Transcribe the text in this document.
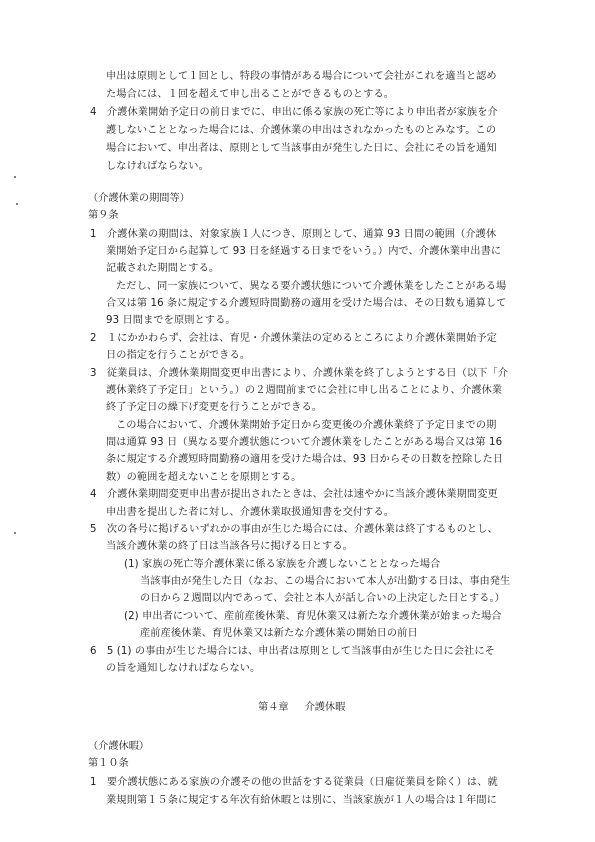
申出は原則として１回とし、特段の事情がある場合について会社がこれを適当と認め
た場合には、１回を超えて申し出ることができるものとする。
4　介護休業開始予定日の前日までに、申出に係る家族の死亡等により申出者が家族を介
護しないこととなった場合には、介護休業の申出はされなかったものとみなす。この
場合において、申出者は、原則として当該事由が発生した日に、会社にその旨を通知
しなければならない。
（介護休業の期間等）
第９条
1　介護休業の期間は、対象家族１人につき、原則として、通算 93 日間の範囲（介護休
業開始予定日から起算して 93 日を経過する日までをいう。）内で、介護休業申出書に
記載された期間とする。
ただし、同一家族について、異なる要介護状態について介護休業をしたことがある場
合又は第 16 条に規定する介護短時間勤務の適用を受けた場合は、その日数も通算して
93 日間までを原則とする。
2　１にかかわらず、会社は、育児・介護休業法の定めるところにより介護休業開始予定
日の指定を行うことができる。
3　従業員は、介護休業期間変更申出書により、介護休業を終了しようとする日（以下「介
護休業終了予定日」という。）の２週間前までに会社に申し出ることにより、介護休業
終了予定日の繰下げ変更を行うことができる。
この場合において、介護休業開始予定日から変更後の介護休業終了予定日までの期
間は通算 93 日（異なる要介護状態について介護休業をしたことがある場合又は第 16
条に規定する介護短時間勤務の適用を受けた場合は、93 日からその日数を控除した日
数）の範囲を超えないことを原則とする。
4　介護休業期間変更申出書が提出されたときは、会社は速やかに当該介護休業期間変更
申出書を提出した者に対し、介護休業取扱通知書を交付する。
5　次の各号に掲げるいずれかの事由が生じた場合には、介護休業は終了するものとし、
当該介護休業の終了日は当該各号に掲げる日とする。
(1) 家族の死亡等介護休業に係る家族を介護しないこととなった場合
当該事由が発生した日（なお、この場合において本人が出勤する日は、事由発生
の日から２週間以内であって、会社と本人が話し合いの上決定した日とする。）
(2) 申出者について、産前産後休業、育児休業又は新たな介護休業が始まった場合
産前産後休業、育児休業又は新たな介護休業の開始日の前日
6　5 (1) の事由が生じた場合には、申出者は原則として当該事由が生じた日に会社にそ
の旨を通知しなければならない。
第４章 介護休暇
（介護休暇）
第１０条
1　要介護状態にある家族の介護その他の世話をする従業員（日雇従業員を除く）は、就
業規則第１５条に規定する年次有給休暇とは別に、当該家族が１人の場合は１年間に
